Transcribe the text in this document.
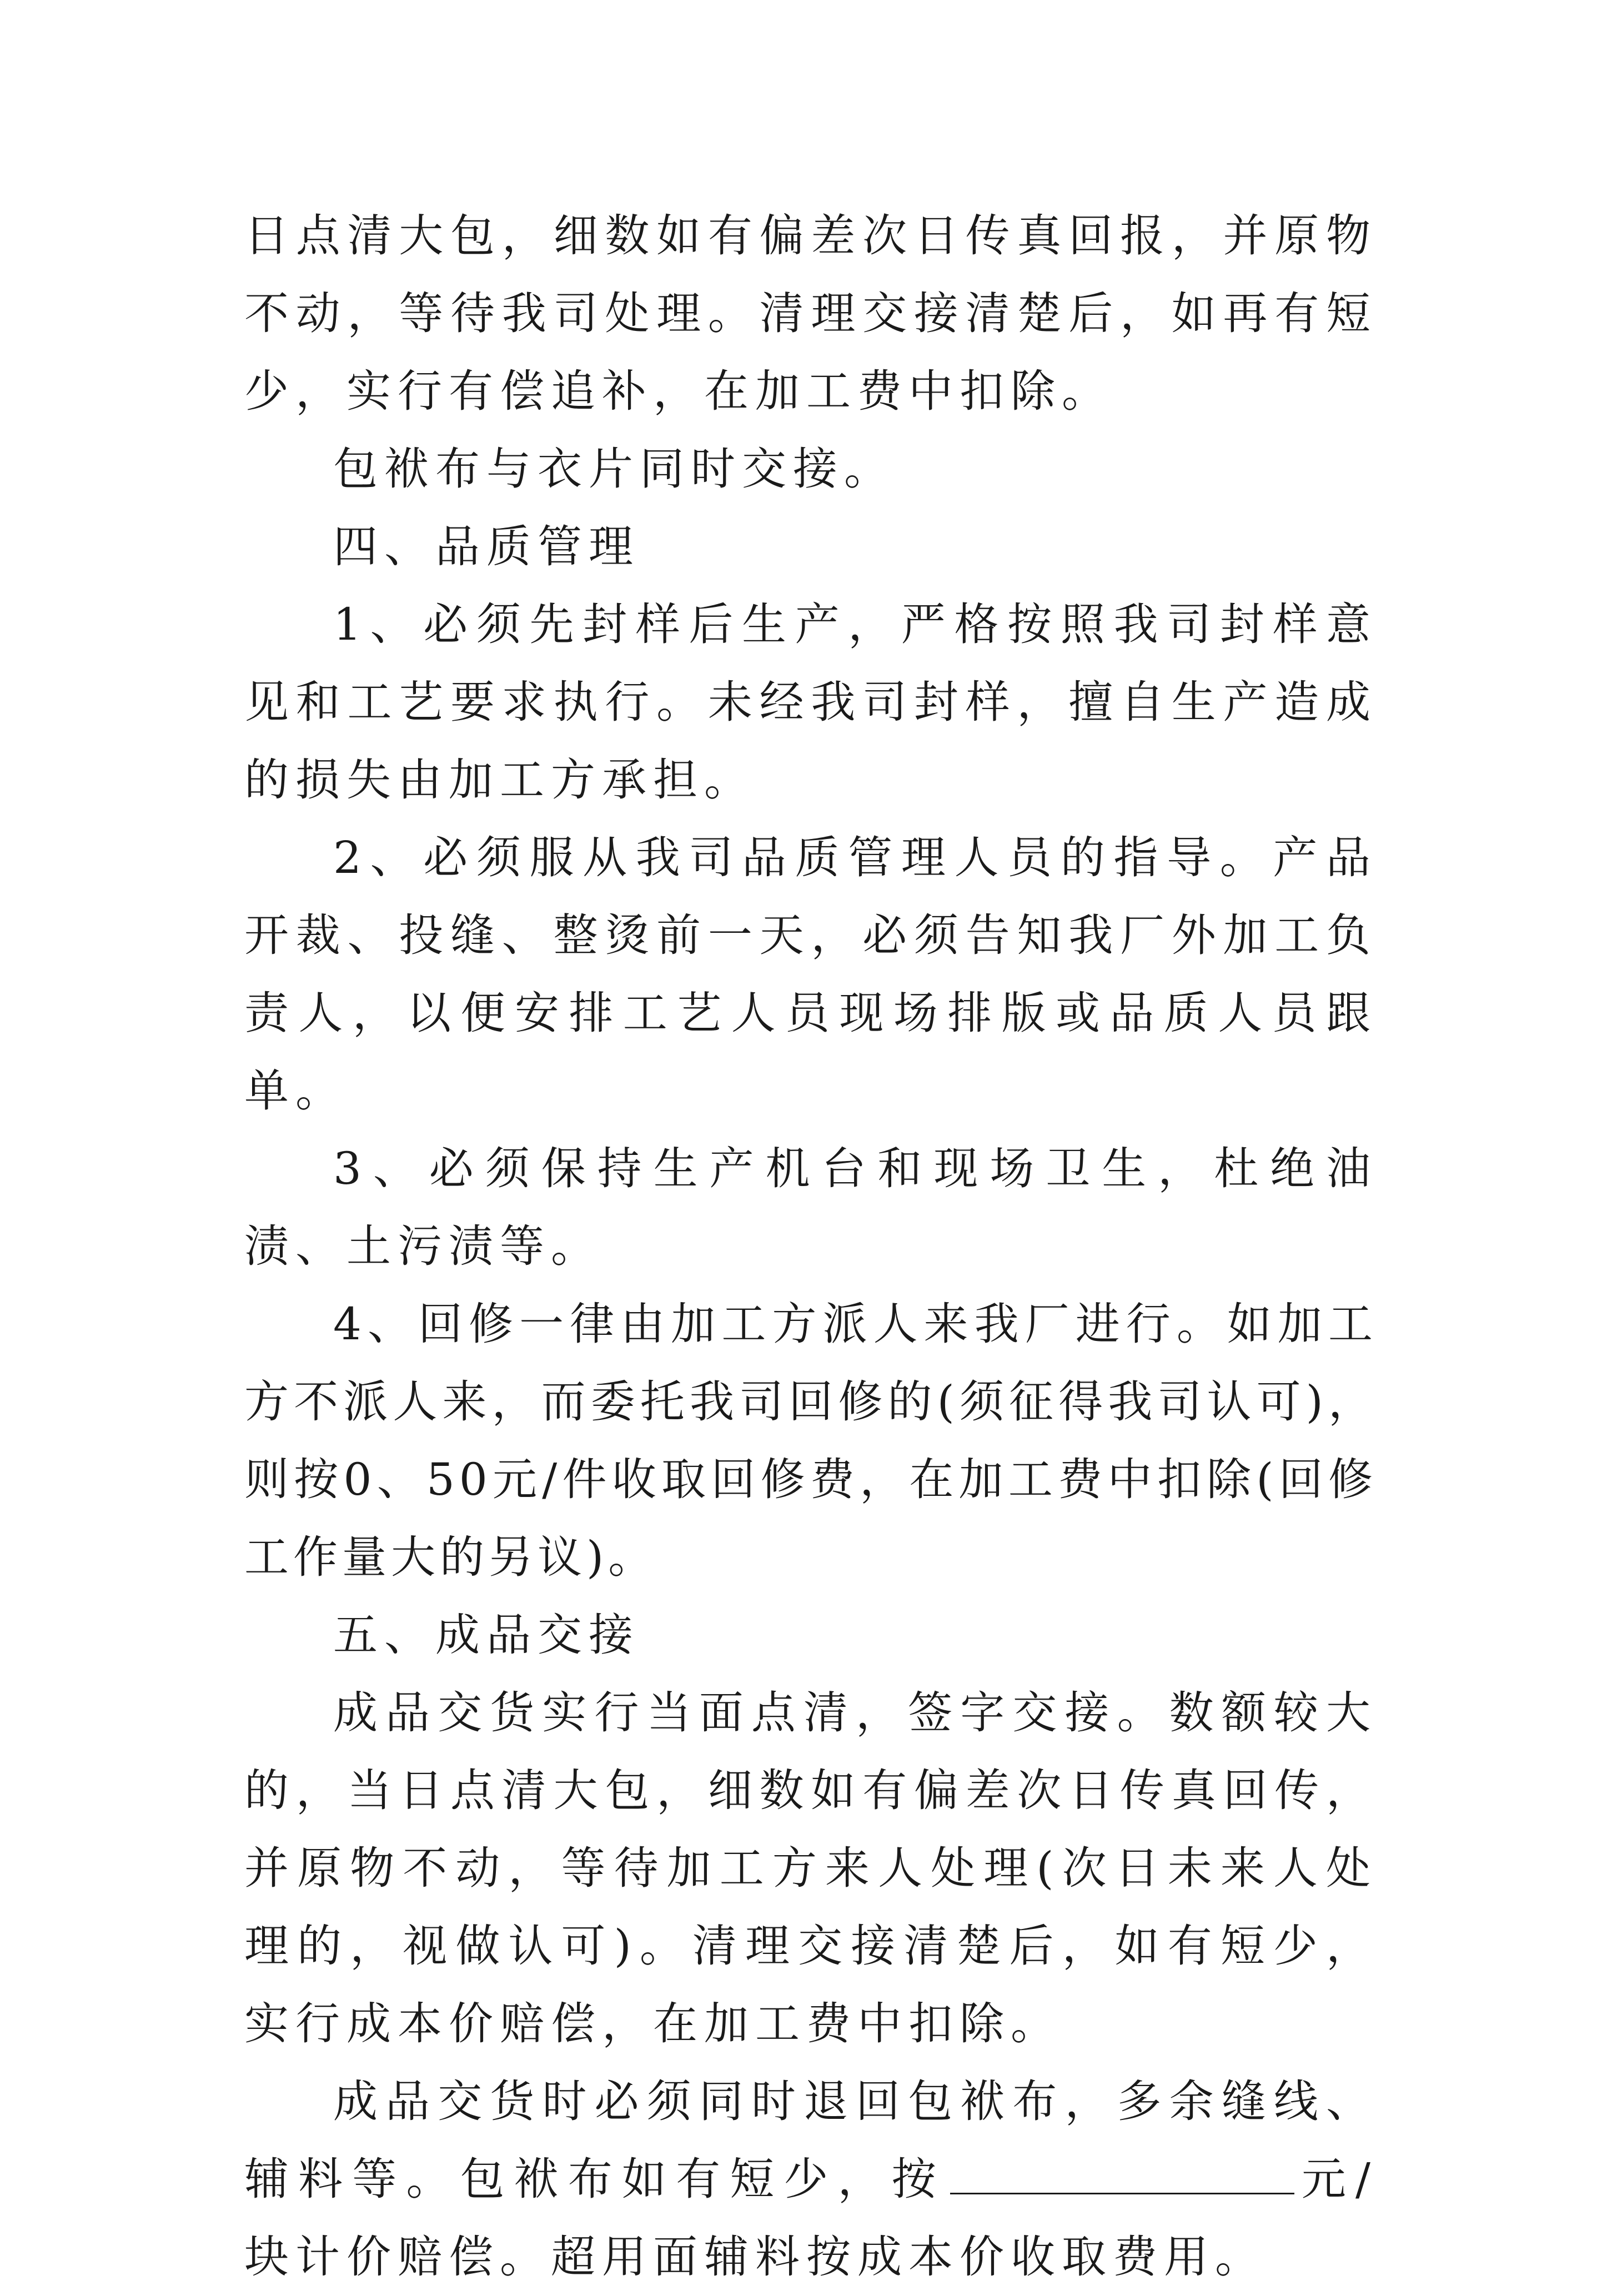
日点清大包，细数如有偏差次日传真回报，并原物不动，等待我司处理。清理交接清楚后，如再有短少，实行有偿追补，在加工费中扣除。

包袱布与衣片同时交接。

四、品质管理

1、必须先封样后生产，严格按照我司封样意见和工艺要求执行。未经我司封样，擅自生产造成的损失由加工方承担。

2、必须服从我司品质管理人员的指导。产品开裁、投缝、整烫前一天，必须告知我厂外加工负责人，以便安排工艺人员现场排版或品质人员跟单。

3、必须保持生产机台和现场卫生，杜绝油渍、土污渍等。

4、回修一律由加工方派人来我厂进行。如加工方不派人来，而委托我司回修的(须征得我司认可)，则按0、50元/件收取回修费，在加工费中扣除(回修工作量大的另议)。

五、成品交接

成品交货实行当面点清，签字交接。数额较大的，当日点清大包，细数如有偏差次日传真回传，并原物不动，等待加工方来人处理(次日未来人处理的，视做认可)。清理交接清楚后，如有短少，实行成本价赔偿，在加工费中扣除。

成品交货时必须同时退回包袱布，多余缝线、辅料等。包袱布如有短少，按	元/块计价赔偿。超用面辅料按成本价收取费用。
